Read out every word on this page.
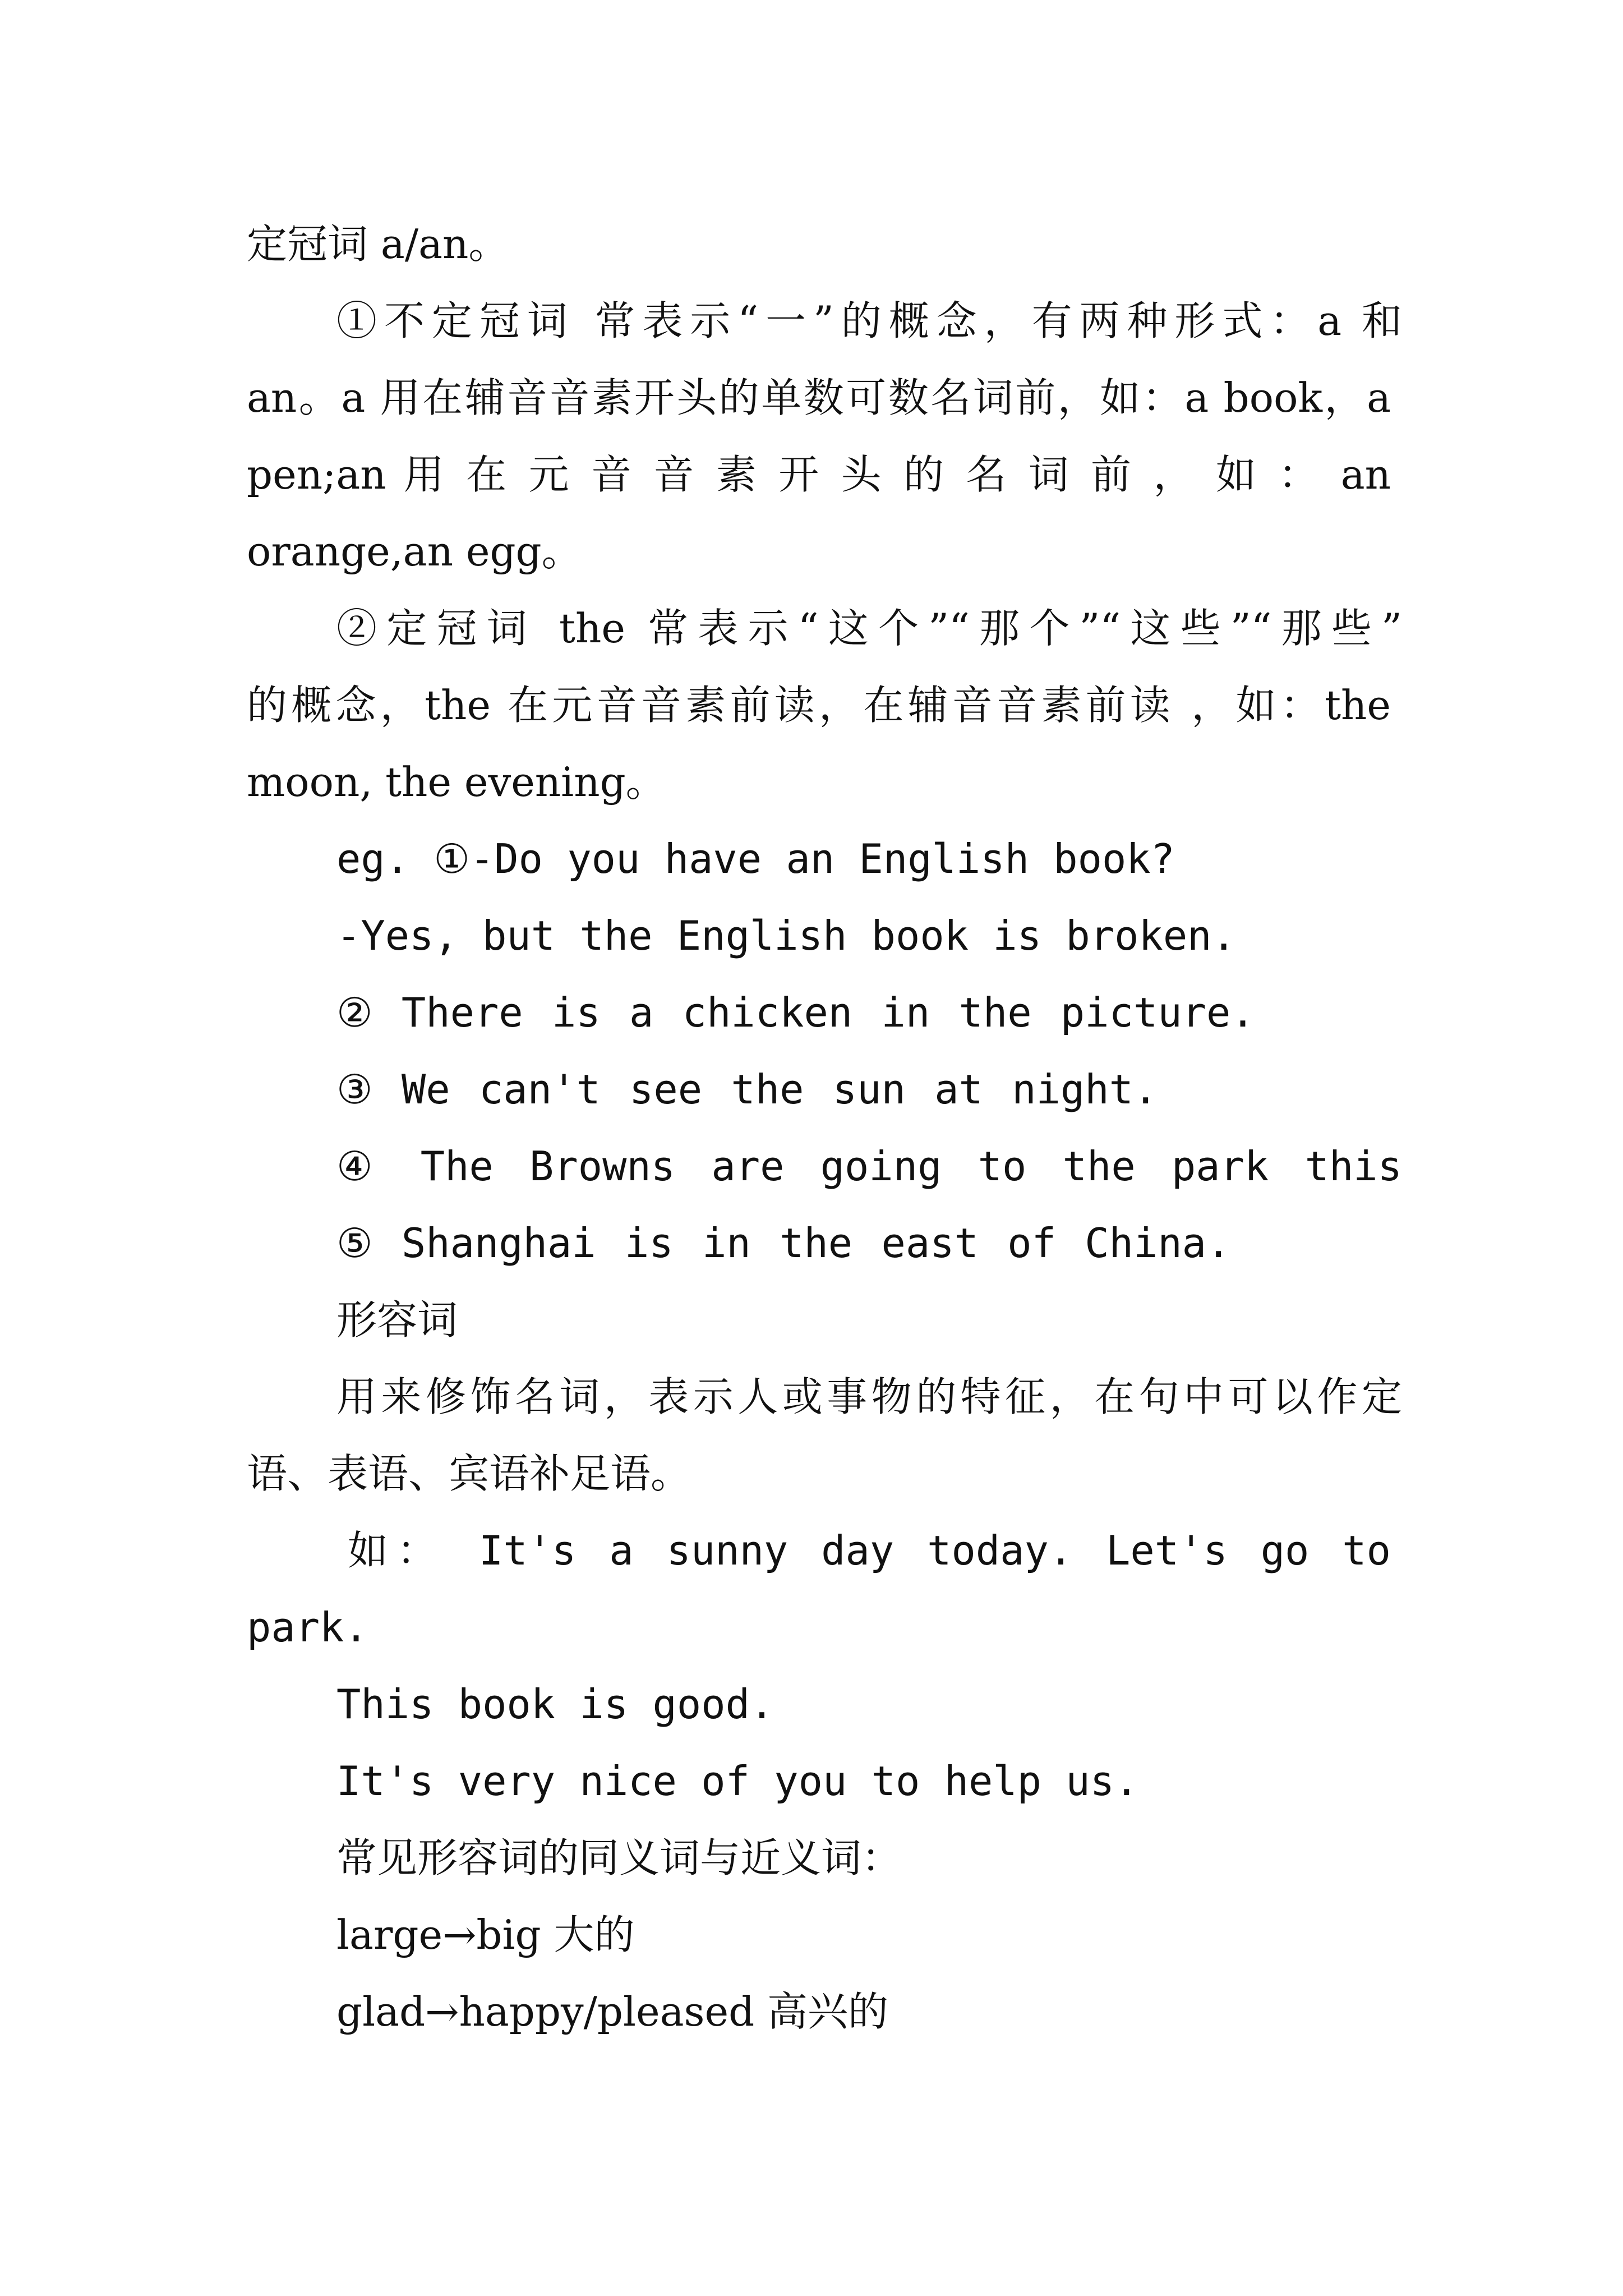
定冠词 a/an。
①不定冠词 常表示“一”的概念，有两种形式：a 和
an。a 用在辅音音素开头的单数可数名词前，如：a book，a
pen;an 用 在 元 音 音 素 开 头 的 名 词 前 ， 如 ： an
orange,an egg。
②定冠词 the 常表示“这个”“那个”“这些”“那些”
的概念，the 在元音音素前读，在辅音音素前读 ，如：the
moon, the evening。
eg. ①-Do you have an English book?
-Yes, but the English book is broken.
② There is a chicken in the picture.
③ We can't see the sun at night.
④ The Browns are going to the park this
⑤ Shanghai is in the east of China.
形容词
用来修饰名词，表示人或事物的特征，在句中可以作定
语、表语、宾语补足语。
如： It's a sunny day today. Let's go to
park.
This book is good.
It's very nice of you to help us.
常见形容词的同义词与近义词：
large→big 大的
glad→happy/pleased 高兴的
